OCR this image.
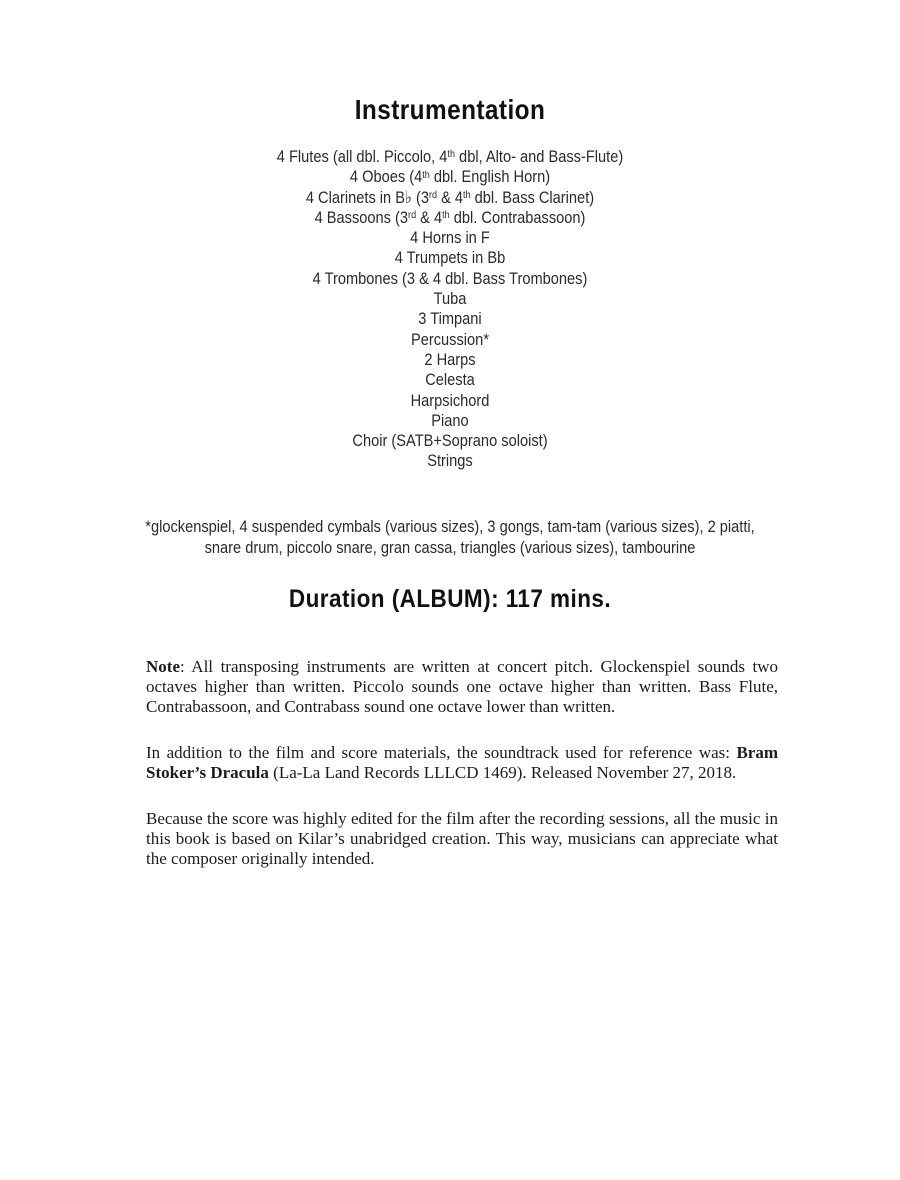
Instrumentation
4 Flutes (all dbl. Piccolo, 4th dbl, Alto- and Bass-Flute)
4 Oboes (4th dbl. English Horn)
4 Clarinets in B♭ (3rd & 4th dbl. Bass Clarinet)
4 Bassoons (3rd & 4th dbl. Contrabassoon)
4 Horns in F
4 Trumpets in Bb
4 Trombones (3 & 4 dbl. Bass Trombones)
Tuba
3 Timpani
Percussion*
2 Harps
Celesta
Harpsichord
Piano
Choir (SATB+Soprano soloist)
Strings
*glockenspiel, 4 suspended cymbals (various sizes), 3 gongs, tam-tam (various sizes), 2 piatti,
snare drum, piccolo snare, gran cassa, triangles (various sizes), tambourine
Duration (ALBUM): 117 mins.
Note: All transposing instruments are written at concert pitch. Glockenspiel sounds two octaves higher than written. Piccolo sounds one octave higher than written. Bass Flute, Contrabassoon, and Contrabass sound one octave lower than written.
In addition to the film and score materials, the soundtrack used for reference was: Bram Stoker’s Dracula (La-La Land Records LLLCD 1469). Released November 27, 2018.
Because the score was highly edited for the film after the recording sessions, all the music in this book is based on Kilar’s unabridged creation. This way, musicians can appreciate what the composer originally intended.
